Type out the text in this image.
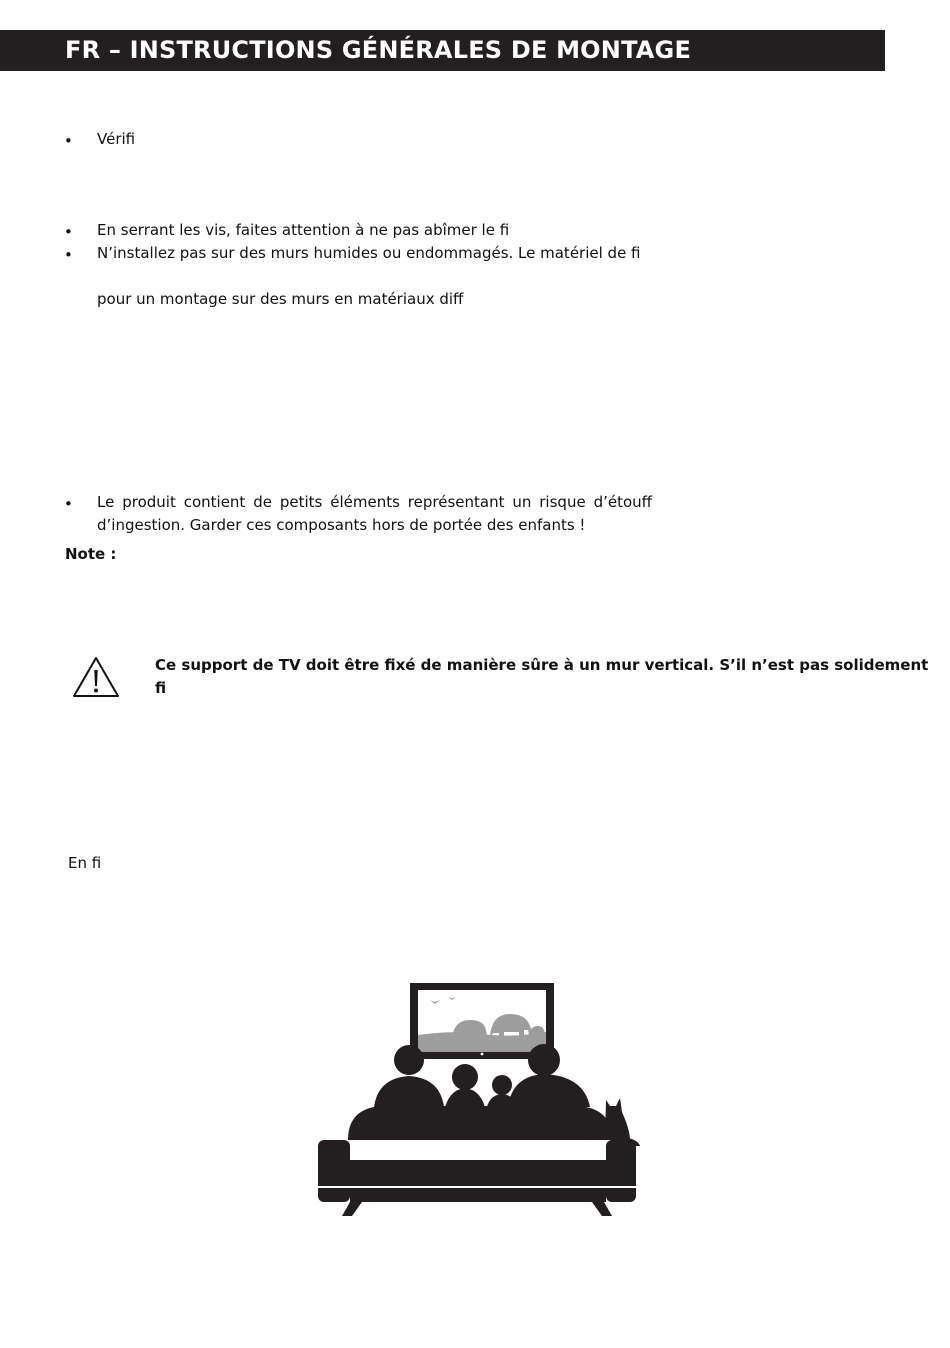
FR – INSTRUCTIONS GÉNÉRALES DE MONTAGE
• Vérifi
• En serrant les vis, faites attention à ne pas abîmer le fi
• N’installez pas sur des murs humides ou endommagés. Le matériel de fi
pour un montage sur des murs en matériaux diff
• Le produit contient de petits éléments représentant un risque d’étouff
d’ingestion. Garder ces composants hors de portée des enfants !
Note :
Ce support de TV doit être fixé de manière sûre à un mur vertical. S’il n’est pas solidement
fi
En fi
